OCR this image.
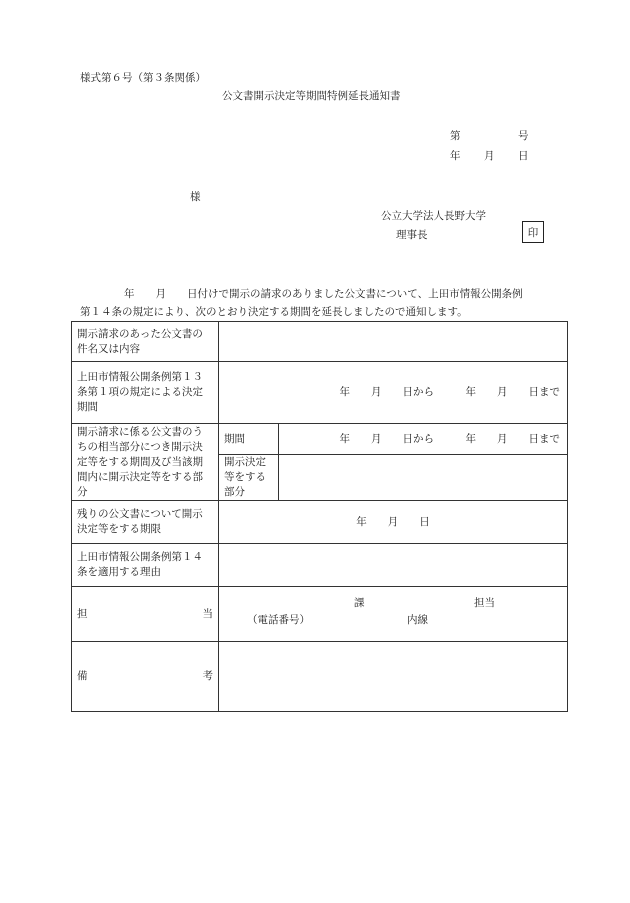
様式第６号（第３条関係）
公文書開示決定等期間特例延長通知書
第	号
年 月 日
様
公立大学法人長野大学
理事長	印
年　　月　　日付けで開示の請求のありました公文書について、上田市情報公開条例
第１４条の規定により、次のとおり決定する期間を延長しましたので通知します。
開示請求のあった公文書の件名又は内容		
上田市情報公開条例第１３条第１項の規定による決定期間	年　　月　　日から　　　年　　月　　日まで	

開示請求に係る公文書のうちの相当部分につき開示決定等をする期間及び当該期間内に開示決定等をする部分	期間	年　　月　　日から　　　年　　月　　日まで

	開示決定等をする部分	
残りの公文書について開示決定等をする期限	年　　月　　日	
上田市情報公開条例第１４条を適用する理由		

担 当	課 担当
（電話番号） 内線	

備 考		
